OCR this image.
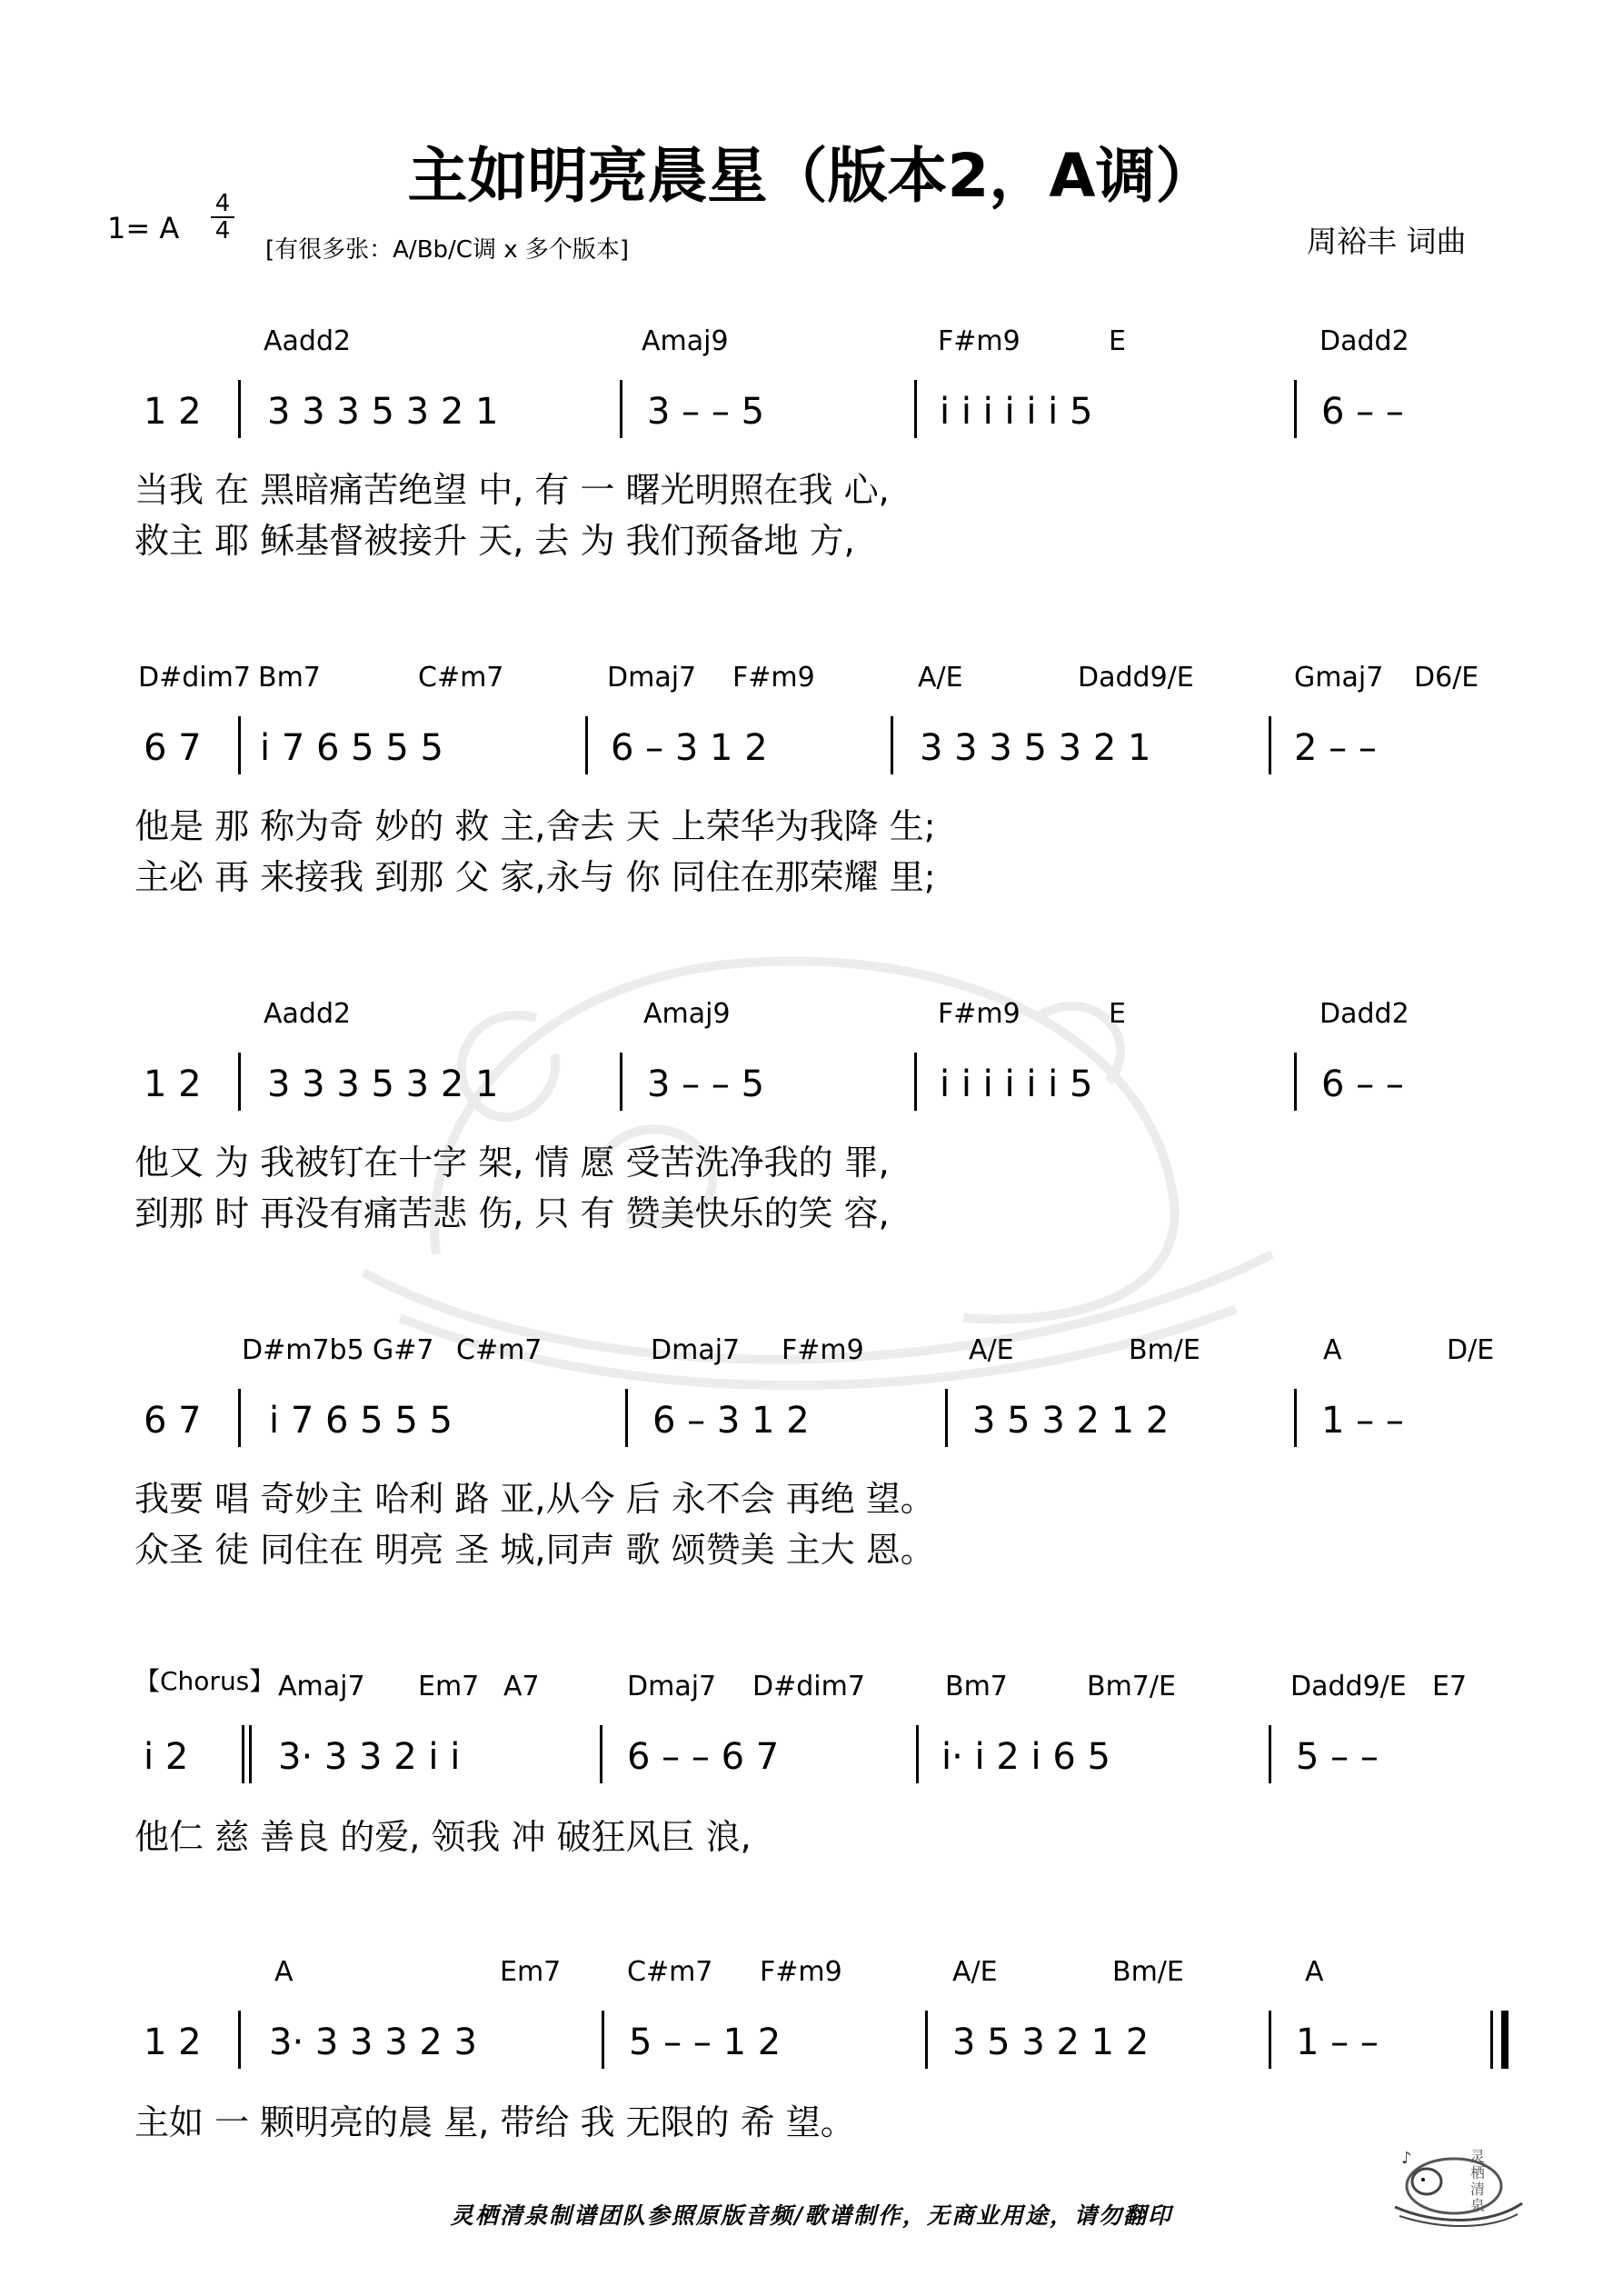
主如明亮晨星（版本2，A调）
1= A
4
4
[有很多张：A/Bb/C调 x 多个版本]	周裕丰 词曲
Aadd2	Amaj9	F#m9	E	Dadd2
1 2 3 3 3 5 3 2 1	3 – – 5	i i i i i i 5	6 – –
当我 在 黑暗痛苦绝望 中, 有 一 曙光明照在我 心,
救主 耶 稣基督被接升 天, 去 为 我们预备地 方,
D#dim7 Bm7	C#m7	Dmaj7 F#m9	A/E	Dadd9/E	Gmaj7 D6/E
6 7 i 7 6 5 5 5	6 – 3 1 2	3 3 3 5 3 2 1	2 – –
他是 那 称为奇 妙的 救 主,舍去 天 上荣华为我降 生;
主必 再 来接我 到那 父 家,永与 你 同住在那荣耀 里;
Aadd2	Amaj9	F#m9	E	Dadd2
1 2 3 3 3 5 3 2 1	3 – – 5	i i i i i i 5	6 – –
他又 为 我被钉在十字 架, 情 愿 受苦洗净我的 罪,
到那 时 再没有痛苦悲 伤, 只 有 赞美快乐的笑 容,
D#m7b5 G#7 C#m7	Dmaj7 F#m9	A/E	Bm/E	A	D/E
6 7 i 7 6 5 5 5	6 – 3 1 2	3 5 3 2 1 2	1 – –
我要 唱 奇妙主 哈利 路 亚,从今 后 永不会 再绝 望。
众圣 徒 同住在 明亮 圣 城,同声 歌 颂赞美 主大 恩。
【Chorus】 Amaj7 Em7 A7	Dmaj7 D#dim7	Bm7	Bm7/E	Dadd9/E E7
i 2 3· 3 3 2 i i	6 – – 6 7	i· i 2 i 6 5	5 – –
他仁 慈 善良 的爱, 领我 冲 破狂风巨 浪,
A	Em7 C#m7 F#m9	A/E	Bm/E	A
1 2 3· 3 3 3 2 3	5 – – 1 2	3 5 3 2 1 2	1 – –
主如 一 颗明亮的晨 星, 带给 我 无限的 希 望。
灵栖清泉制谱团队参照原版音频/歌谱制作，无商业用途，请勿翻印
♪	灵栖清泉
